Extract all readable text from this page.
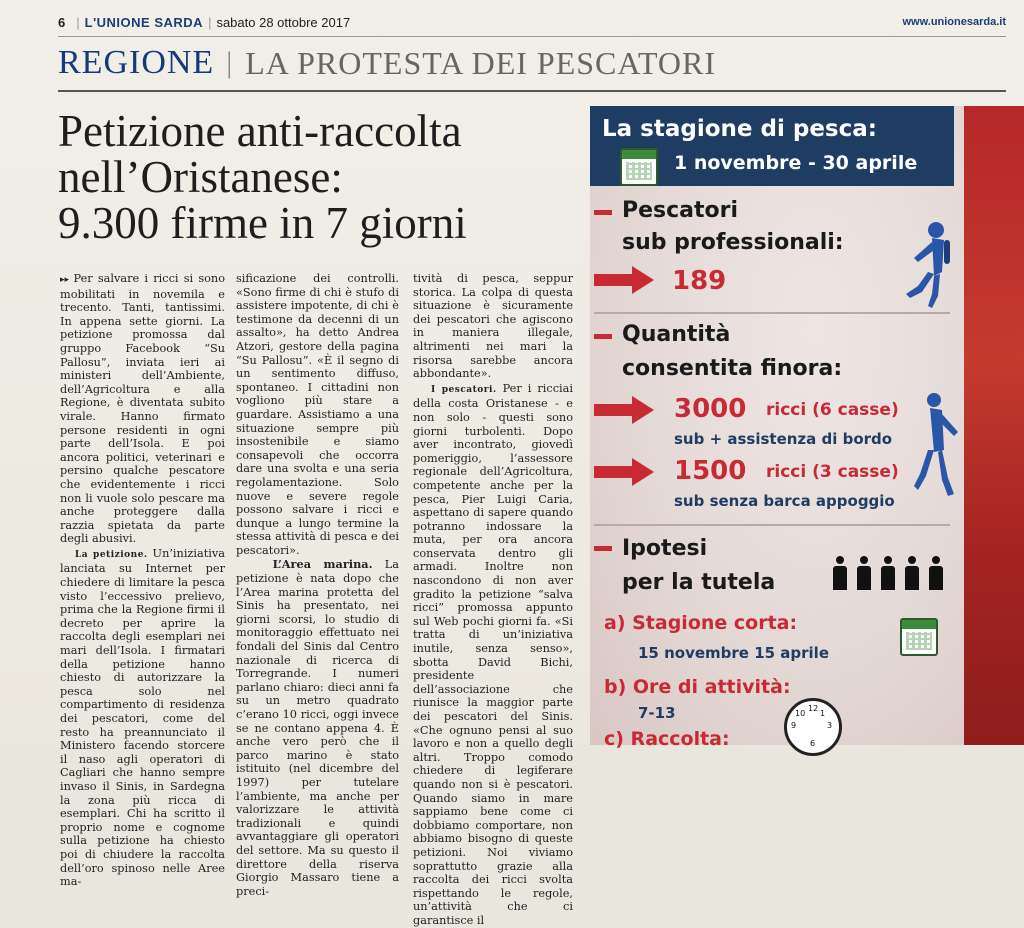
6 | L'UNIONE SARDA | sabato 28 ottobre 2017	www.unionesarda.it
REGIONE | LA PROTESTA DEI PESCATORI
Petizione anti-raccolta
nell’Oristanese:
9.300 firme in 7 giorni

▸▸ Per salvare i ricci si sono mobilitati in novemila e trecento. Tanti, tantissimi. In appena sette giorni. La petizione promossa dal gruppo Facebook “Su Pallosu”, inviata ieri ai ministeri dell’Ambiente, dell’Agricoltura e alla Regione, è diventata subito virale. Hanno firmato persone residenti in ogni parte dell’Isola. E poi ancora politici, veterinari e persino qualche pescatore che evidentemente i ricci non li vuole solo pescare ma anche proteggere dalla razzia spietata da parte degli abusivi.

La petizione. Un’iniziativa lanciata su Internet per chiedere di limitare la pesca visto l’eccessivo prelievo, prima che la Regione firmi il decreto per aprire la raccolta degli esemplari nei mari dell’Isola. I firmatari della petizione hanno chiesto di autorizzare la pesca solo nel compartimento di residenza dei pescatori, come del resto ha preannunciato il Ministero facendo storcere il naso agli operatori di Cagliari che hanno sempre invaso il Sinis, in Sardegna la zona più ricca di esemplari. Chi ha scritto il proprio nome e cognome sulla petizione ha chiesto poi di chiudere la raccolta dell’oro spinoso nelle Aree ma-

sificazione dei controlli. «Sono firme di chi è stufo di assistere impotente, di chi è testimone da decenni di un assalto», ha detto Andrea Atzori, gestore della pagina “Su Pallosu”. «È il segno di un sentimento diffuso, spontaneo. I cittadini non vogliono più stare a guardare. Assistiamo a una situazione sempre più insostenibile e siamo consapevoli che occorra dare una svolta e una seria regolamentazione. Solo nuove e severe regole possono salvare i ricci e dunque a lungo termine la stessa attività di pesca e dei pescatori».

L’Area marina. La petizione è nata dopo che l’Area marina protetta del Sinis ha presentato, nei giorni scorsi, lo studio di monitoraggio effettuato nei fondali del Sinis dal Centro nazionale di ricerca di Torregrande. I numeri parlano chiaro: dieci anni fa su un metro quadrato c’erano 10 ricci, oggi invece se ne contano appena 4. È anche vero però che il parco marino è stato istituito (nel dicembre del 1997) per tutelare l’ambiente, ma anche per valorizzare le attività tradizionali e quindi avvantaggiare gli operatori del settore. Ma su questo il direttore della riserva Giorgio Massaro tiene a preci-

tività di pesca, seppur storica. La colpa di questa situazione è sicuramente dei pescatori che agiscono in maniera illegale, altrimenti nei mari la risorsa sarebbe ancora abbondante».

I pescatori. Per i ricciai della costa Oristanese - e non solo - questi sono giorni turbolenti. Dopo aver incontrato, giovedì pomeriggio, l’assessore regionale dell’Agricoltura, competente anche per la pesca, Pier Luigi Caria, aspettano di sapere quando potranno indossare la muta, per ora ancora conservata dentro gli armadi. Inoltre non nascondono di non aver gradito la petizione “salva ricci” promossa appunto sul Web pochi giorni fa. «Si tratta di un’iniziativa inutile, senza senso», sbotta David Bichi, presidente dell’associazione che riunisce la maggior parte dei pescatori del Sinis. «Che ognuno pensi al suo lavoro e non a quello degli altri. Troppo comodo chiedere di legiferare quando non si è pescatori. Quando siamo in mare sappiamo bene come ci dobbiamo comportare, non abbiamo bisogno di queste petizioni. Noi viviamo soprattutto grazie alla raccolta dei ricci svolta rispettando le regole, un’attività che ci garantisce il

La stagione di pesca:
1 novembre - 30 aprile
Pescatori
sub professionali:
189
Quantità
consentita finora:
3000 ricci (6 casse)
sub + assistenza di bordo
1500 ricci (3 casse)
sub senza barca appoggio
Ipotesi
per la tutela
a) Stagione corta:
15 novembre 15 aprile
b) Ore di attività:
7-13	12
3
6
9
10 1
c) Raccolta:
